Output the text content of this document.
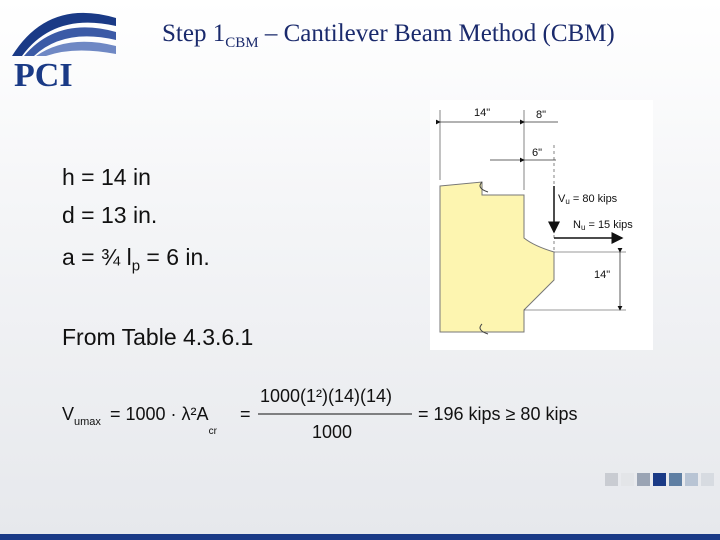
PCI
Step $1_{CBM}$ – Cantilever Beam Method (CBM)
h = 14 in
d = 13 in.
a = ¾ $l_p = 6$ in.
From Table 4.3.6.1
14"	8"
6"
Vu = 80 kips
Nu = 15 kips
14"
$V_{umax} = 1000 \cdot \lambda^2A_{cr}$
=
1000(1²)(14)(14)
1000
= 196 kips ≥ 80 kips
